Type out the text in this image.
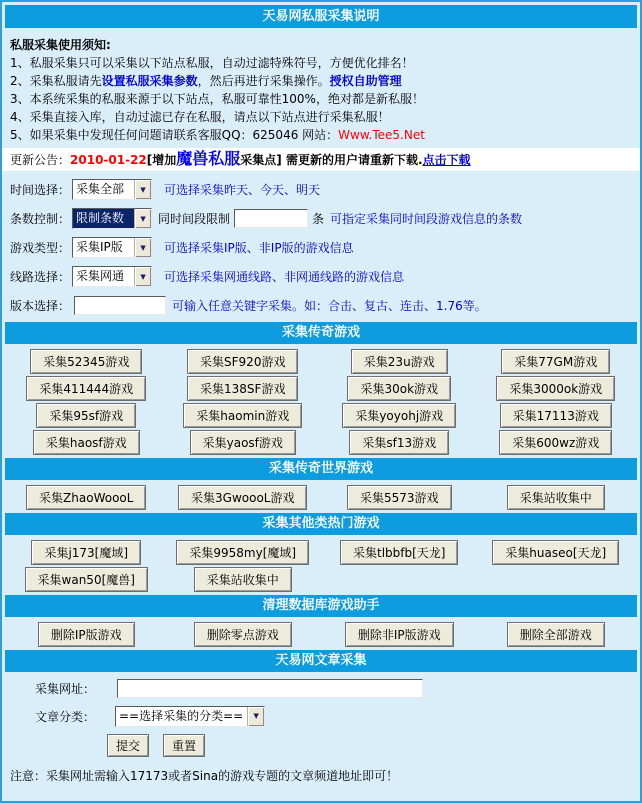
天易网私服采集说明
私服采集使用须知:
1、私服采集只可以采集以下站点私服，自动过滤特殊符号，方便优化排名！
2、采集私服请先设置私服采集参数，然后再进行采集操作。授权自助管理
3、本系统采集的私服来源于以下站点，私服可靠性100%，绝对都是新私服！
4、采集直接入库，自动过滤已存在私服，请点以下站点进行采集私服！
5、如果采集中发现任何问题请联系客服QQ：625046 网站：Www.Tee5.Net
更新公告：2010-01-22[增加魔兽私服采集点] 需更新的用户请重新下载.点击下载
时间选择： 采集全部	▼	可选择采集昨天、今天、明天
条数控制： 限制条数	▼	同时间段限制	条 可指定采集同时间段游戏信息的条数
游戏类型： 采集IP版	▼	可选择采集IP版、非IP版的游戏信息
线路选择： 采集网通	▼	可选择采集网通线路、非网通线路的游戏信息
版本选择：	可输入任意关键字采集。如：合击、复古、连击、1.76等。
采集传奇游戏
采集52345游戏	采集SF920游戏	采集23u游戏	采集77GM游戏
采集411444游戏	采集138SF游戏	采集30ok游戏	采集3000ok游戏
采集95sf游戏	采集haomin游戏	采集yoyohj游戏	采集17113游戏
采集haosf游戏	采集yaosf游戏	采集sf13游戏	采集600wz游戏
采集传奇世界游戏
采集ZhaoWoooL	采集3GwoooL游戏	采集5573游戏	采集站收集中
采集其他类热门游戏
采集j173[魔域]	采集9958my[魔域]	采集tlbbfb[天龙]	采集huaseo[天龙]
采集wan50[魔兽]	采集站收集中
清理数据库游戏助手
删除IP版游戏	删除零点游戏	删除非IP版游戏	删除全部游戏
天易网文章采集
采集网址：
文章分类：	==选择采集的分类==	▼
提交	重置
注意：采集网址需输入17173或者Sina的游戏专题的文章频道地址即可！
